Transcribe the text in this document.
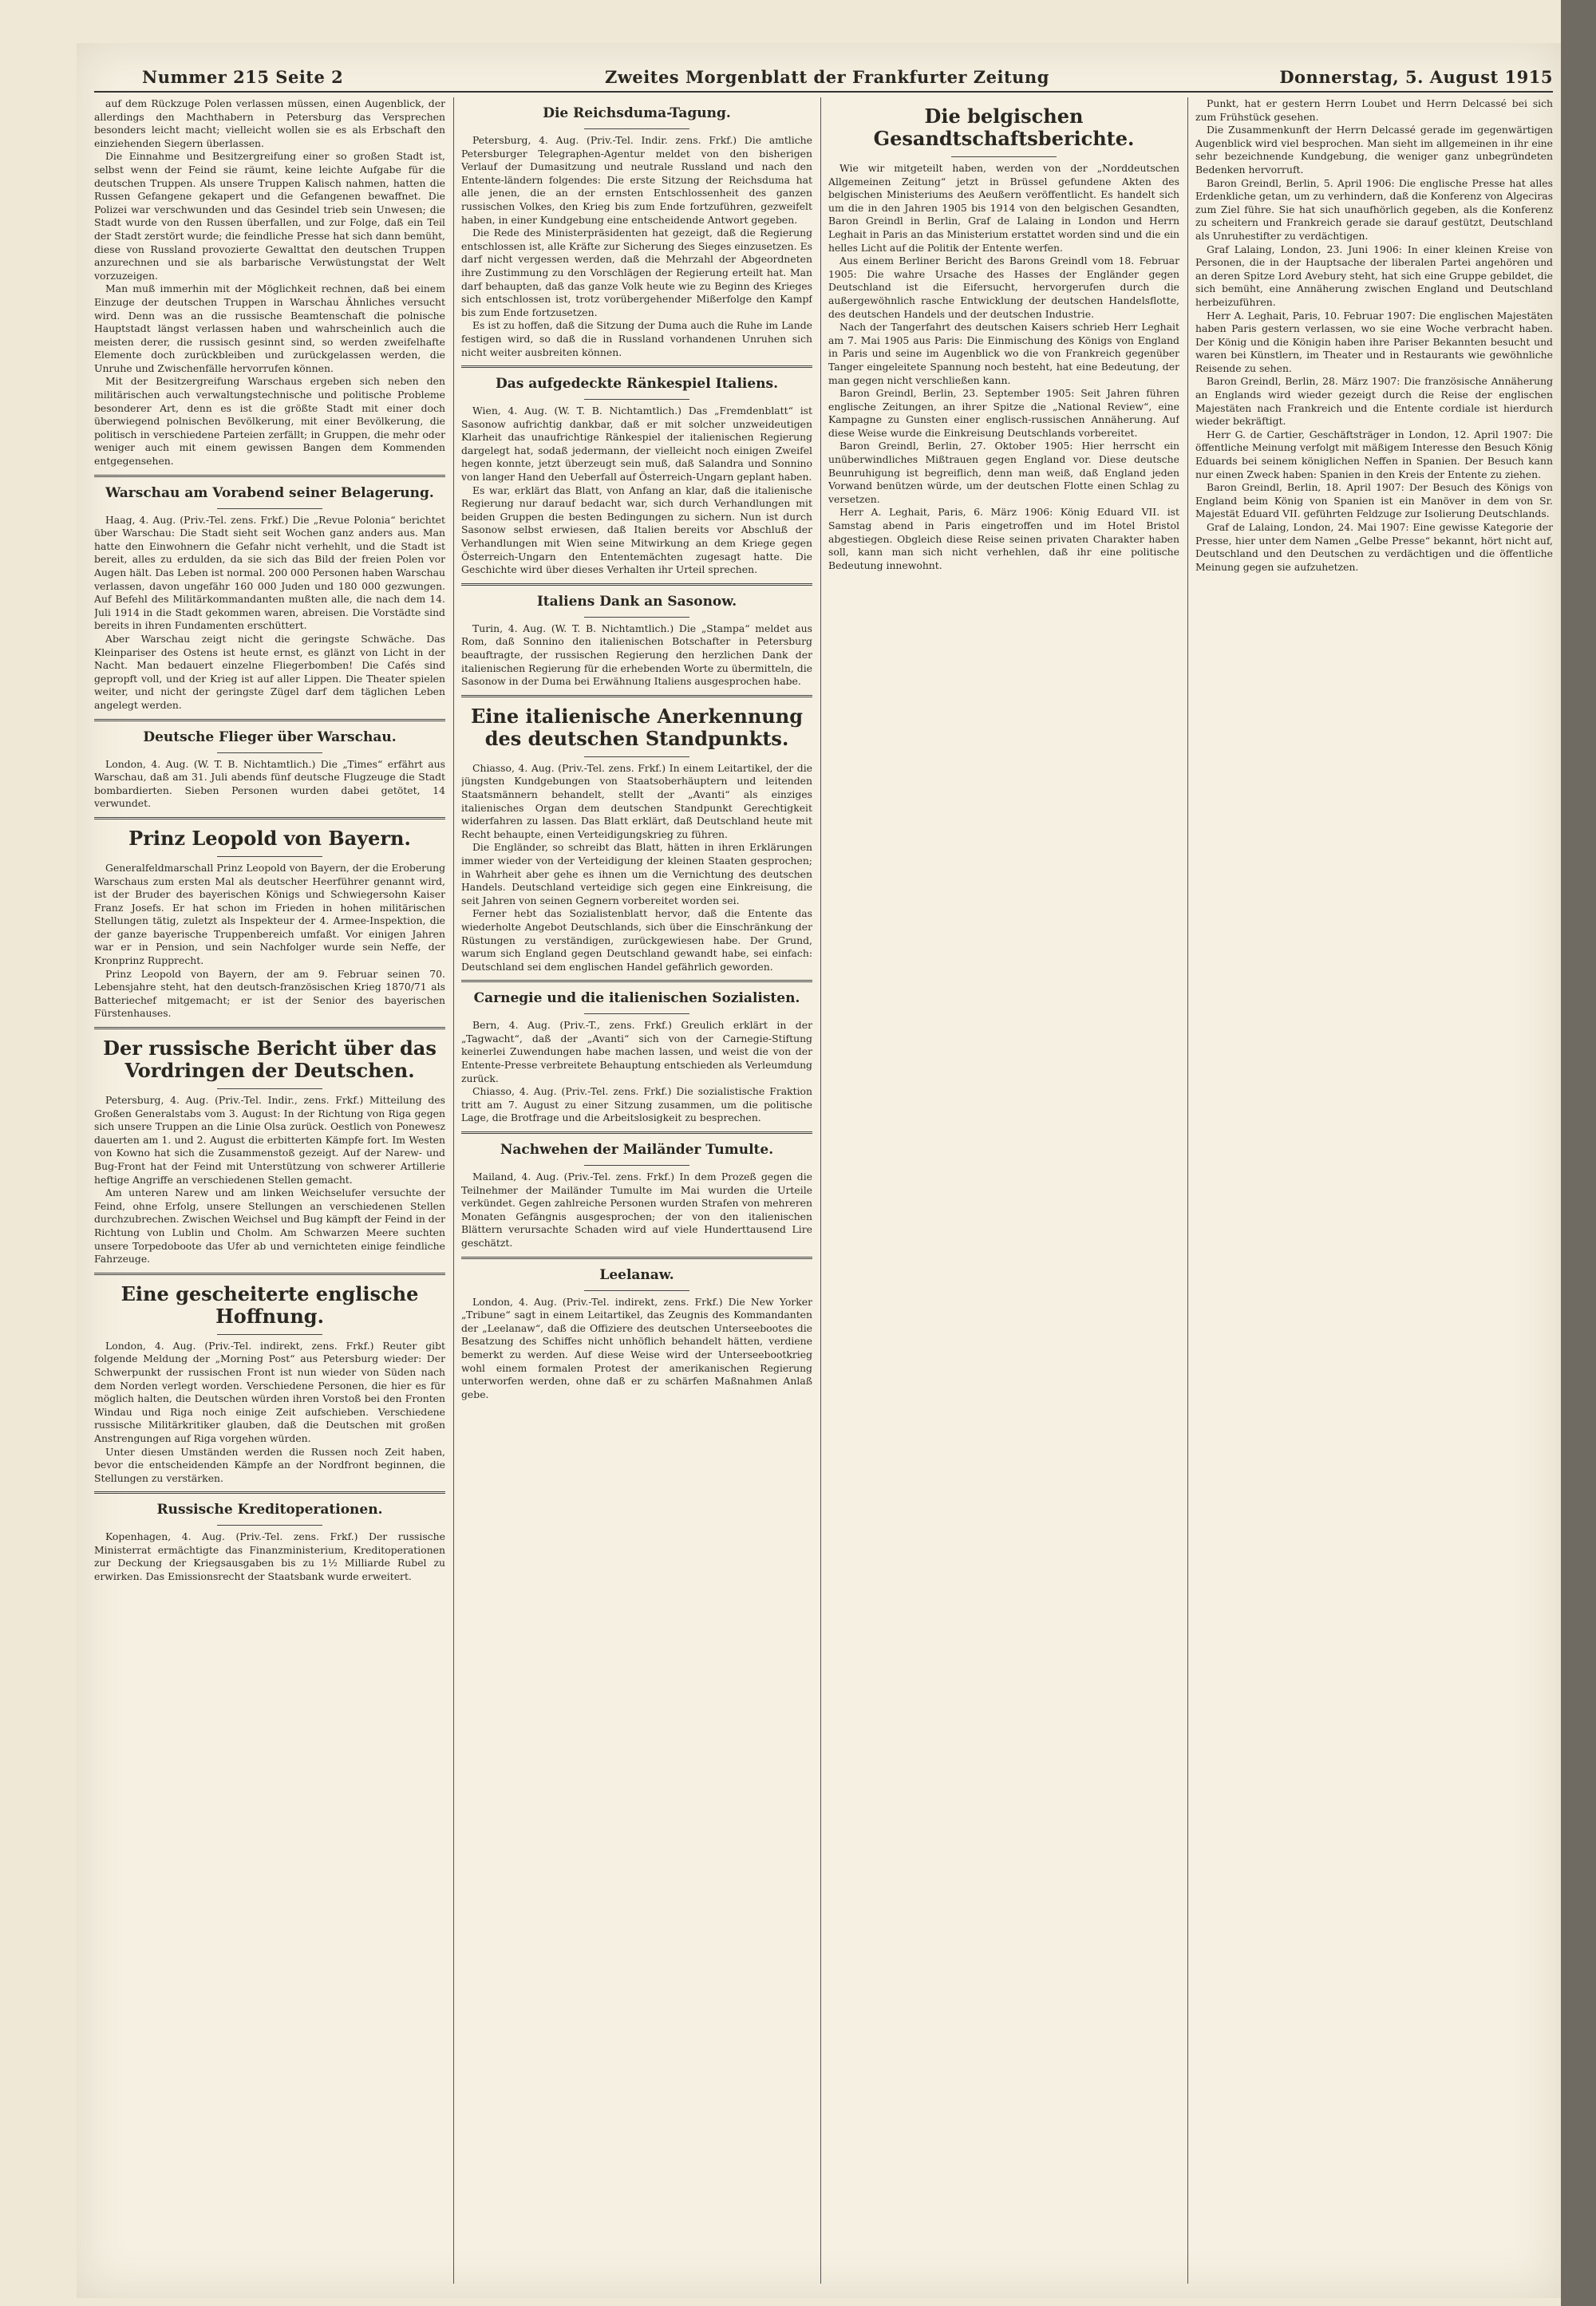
Nummer 215 Seite 2	Zweites Morgenblatt der Frankfurter Zeitung	Donnerstag, 5. August 1915

auf dem Rückzuge Polen verlassen müssen, einen Augenblick, der allerdings den Machthabern in Petersburg das Versprechen besonders leicht macht; vielleicht wollen sie es als Erbschaft den einziehenden Siegern überlassen.

Die Einnahme und Besitzergreifung einer so großen Stadt ist, selbst wenn der Feind sie räumt, keine leichte Aufgabe für die deutschen Truppen. Als unsere Truppen Kalisch nahmen, hatten die Russen Gefangene gekapert und die Gefangenen bewaffnet. Die Polizei war verschwunden und das Gesindel trieb sein Unwesen; die Stadt wurde von den Russen überfallen, und zur Folge, daß ein Teil der Stadt zerstört wurde; die feindliche Presse hat sich dann bemüht, diese von Russland provozierte Gewalttat den deutschen Truppen anzurechnen und sie als barbarische Verwüstungstat der Welt vorzuzeigen.

Man muß immerhin mit der Möglichkeit rechnen, daß bei einem Einzuge der deutschen Truppen in Warschau Ähnliches versucht wird. Denn was an die russische Beamtenschaft die polnische Hauptstadt längst verlassen haben und wahrscheinlich auch die meisten derer, die russisch gesinnt sind, so werden zweifelhafte Elemente doch zurückbleiben und zurückgelassen werden, die Unruhe und Zwischenfälle hervorrufen können.

Mit der Besitzergreifung Warschaus ergeben sich neben den militärischen auch verwaltungstechnische und politische Probleme besonderer Art, denn es ist die größte Stadt mit einer doch überwiegend polnischen Bevölkerung, mit einer Bevölkerung, die politisch in verschiedene Parteien zerfällt; in Gruppen, die mehr oder weniger auch mit einem gewissen Bangen dem Kommenden entgegensehen.

Warschau am Vorabend seiner Belagerung.

Haag, 4. Aug. (Priv.-Tel. zens. Frkf.) Die „Revue Polonia“ berichtet über Warschau: Die Stadt sieht seit Wochen ganz anders aus. Man hatte den Einwohnern die Gefahr nicht verhehlt, und die Stadt ist bereit, alles zu erdulden, da sie sich das Bild der freien Polen vor Augen hält. Das Leben ist normal. 200 000 Personen haben Warschau verlassen, davon ungefähr 160 000 Juden und 180 000 gezwungen. Auf Befehl des Militärkommandanten mußten alle, die nach dem 14. Juli 1914 in die Stadt gekommen waren, abreisen. Die Vorstädte sind bereits in ihren Fundamenten erschüttert.

Aber Warschau zeigt nicht die geringste Schwäche. Das Kleinpariser des Ostens ist heute ernst, es glänzt von Licht in der Nacht. Man bedauert einzelne Fliegerbomben! Die Cafés sind gepropft voll, und der Krieg ist auf aller Lippen. Die Theater spielen weiter, und nicht der geringste Zügel darf dem täglichen Leben angelegt werden.

Deutsche Flieger über Warschau.

London, 4. Aug. (W. T. B. Nichtamtlich.) Die „Times“ erfährt aus Warschau, daß am 31. Juli abends fünf deutsche Flugzeuge die Stadt bombardierten. Sieben Personen wurden dabei getötet, 14 verwundet.

Prinz Leopold von Bayern.

Generalfeldmarschall Prinz Leopold von Bayern, der die Eroberung Warschaus zum ersten Mal als deutscher Heerführer genannt wird, ist der Bruder des bayerischen Königs und Schwiegersohn Kaiser Franz Josefs. Er hat schon im Frieden in hohen militärischen Stellungen tätig, zuletzt als Inspekteur der 4. Armee-Inspektion, die der ganze bayerische Truppenbereich umfaßt. Vor einigen Jahren war er in Pension, und sein Nachfolger wurde sein Neffe, der Kronprinz Rupprecht.

Prinz Leopold von Bayern, der am 9. Februar seinen 70. Lebensjahre steht, hat den deutsch-französischen Krieg 1870/71 als Batteriechef mitgemacht; er ist der Senior des bayerischen Fürstenhauses.

Der russische Bericht über das Vordringen der Deutschen.

Petersburg, 4. Aug. (Priv.-Tel. Indir., zens. Frkf.) Mitteilung des Großen Generalstabs vom 3. August: In der Richtung von Riga gegen sich unsere Truppen an die Linie Olsa zurück. Oestlich von Ponewesz dauerten am 1. und 2. August die erbitterten Kämpfe fort. Im Westen von Kowno hat sich die Zusammenstoß gezeigt. Auf der Narew- und Bug-Front hat der Feind mit Unterstützung von schwerer Artillerie heftige Angriffe an verschiedenen Stellen gemacht.

Am unteren Narew und am linken Weichselufer versuchte der Feind, ohne Erfolg, unsere Stellungen an verschiedenen Stellen durchzubrechen. Zwischen Weichsel und Bug kämpft der Feind in der Richtung von Lublin und Cholm. Am Schwarzen Meere suchten unsere Torpedoboote das Ufer ab und vernichteten einige feindliche Fahrzeuge.

Eine gescheiterte englische Hoffnung.

London, 4. Aug. (Priv.-Tel. indirekt, zens. Frkf.) Reuter gibt folgende Meldung der „Morning Post“ aus Petersburg wieder: Der Schwerpunkt der russischen Front ist nun wieder von Süden nach dem Norden verlegt worden. Verschiedene Personen, die hier es für möglich halten, die Deutschen würden ihren Vorstoß bei den Fronten Windau und Riga noch einige Zeit aufschieben. Verschiedene russische Militärkritiker glauben, daß die Deutschen mit großen Anstrengungen auf Riga vorgehen würden.

Unter diesen Umständen werden die Russen noch Zeit haben, bevor die entscheidenden Kämpfe an der Nordfront beginnen, die Stellungen zu verstärken.

Russische Kreditoperationen.

Kopenhagen, 4. Aug. (Priv.-Tel. zens. Frkf.) Der russische Ministerrat ermächtigte das Finanzministerium, Kreditoperationen zur Deckung der Kriegsausgaben bis zu 1½ Milliarde Rubel zu erwirken. Das Emissionsrecht der Staatsbank wurde erweitert.

Die Reichsduma-Tagung.

Petersburg, 4. Aug. (Priv.-Tel. Indir. zens. Frkf.) Die amtliche Petersburger Telegraphen-Agentur meldet von den bisherigen Verlauf der Dumasitzung und neutrale Russland und nach den Entente-ländern folgendes: Die erste Sitzung der Reichsduma hat alle jenen, die an der ernsten Entschlossenheit des ganzen russischen Volkes, den Krieg bis zum Ende fortzuführen, gezweifelt haben, in einer Kundgebung eine entscheidende Antwort gegeben.

Die Rede des Ministerpräsidenten hat gezeigt, daß die Regierung entschlossen ist, alle Kräfte zur Sicherung des Sieges einzusetzen. Es darf nicht vergessen werden, daß die Mehrzahl der Abgeordneten ihre Zustimmung zu den Vorschlägen der Regierung erteilt hat. Man darf behaupten, daß das ganze Volk heute wie zu Beginn des Krieges sich entschlossen ist, trotz vorübergehender Mißerfolge den Kampf bis zum Ende fortzusetzen.

Es ist zu hoffen, daß die Sitzung der Duma auch die Ruhe im Lande festigen wird, so daß die in Russland vorhandenen Unruhen sich nicht weiter ausbreiten können.

Das aufgedeckte Ränkespiel Italiens.

Wien, 4. Aug. (W. T. B. Nichtamtlich.) Das „Fremdenblatt“ ist Sasonow aufrichtig dankbar, daß er mit solcher unzweideutigen Klarheit das unaufrichtige Ränkespiel der italienischen Regierung dargelegt hat, sodaß jedermann, der vielleicht noch einigen Zweifel hegen konnte, jetzt überzeugt sein muß, daß Salandra und Sonnino von langer Hand den Ueberfall auf Österreich-Ungarn geplant haben.

Es war, erklärt das Blatt, von Anfang an klar, daß die italienische Regierung nur darauf bedacht war, sich durch Verhandlungen mit beiden Gruppen die besten Bedingungen zu sichern. Nun ist durch Sasonow selbst erwiesen, daß Italien bereits vor Abschluß der Verhandlungen mit Wien seine Mitwirkung an dem Kriege gegen Österreich-Ungarn den Ententemächten zugesagt hatte. Die Geschichte wird über dieses Verhalten ihr Urteil sprechen.

Italiens Dank an Sasonow.

Turin, 4. Aug. (W. T. B. Nichtamtlich.) Die „Stampa“ meldet aus Rom, daß Sonnino den italienischen Botschafter in Petersburg beauftragte, der russischen Regierung den herzlichen Dank der italienischen Regierung für die erhebenden Worte zu übermitteln, die Sasonow in der Duma bei Erwähnung Italiens ausgesprochen habe.

Eine italienische Anerkennung des deutschen Standpunkts.

Chiasso, 4. Aug. (Priv.-Tel. zens. Frkf.) In einem Leitartikel, der die jüngsten Kundgebungen von Staatsoberhäuptern und leitenden Staatsmännern behandelt, stellt der „Avanti“ als einziges italienisches Organ dem deutschen Standpunkt Gerechtigkeit widerfahren zu lassen. Das Blatt erklärt, daß Deutschland heute mit Recht behaupte, einen Verteidigungskrieg zu führen.

Die Engländer, so schreibt das Blatt, hätten in ihren Erklärungen immer wieder von der Verteidigung der kleinen Staaten gesprochen; in Wahrheit aber gehe es ihnen um die Vernichtung des deutschen Handels. Deutschland verteidige sich gegen eine Einkreisung, die seit Jahren von seinen Gegnern vorbereitet worden sei.

Ferner hebt das Sozialistenblatt hervor, daß die Entente das wiederholte Angebot Deutschlands, sich über die Einschränkung der Rüstungen zu verständigen, zurückgewiesen habe. Der Grund, warum sich England gegen Deutschland gewandt habe, sei einfach: Deutschland sei dem englischen Handel gefährlich geworden.

Carnegie und die italienischen Sozialisten.

Bern, 4. Aug. (Priv.-T., zens. Frkf.) Greulich erklärt in der „Tagwacht“, daß der „Avanti“ sich von der Carnegie-Stiftung keinerlei Zuwendungen habe machen lassen, und weist die von der Entente-Presse verbreitete Behauptung entschieden als Verleumdung zurück.

Chiasso, 4. Aug. (Priv.-Tel. zens. Frkf.) Die sozialistische Fraktion tritt am 7. August zu einer Sitzung zusammen, um die politische Lage, die Brotfrage und die Arbeitslosigkeit zu besprechen.

Nachwehen der Mailänder Tumulte.

Mailand, 4. Aug. (Priv.-Tel. zens. Frkf.) In dem Prozeß gegen die Teilnehmer der Mailänder Tumulte im Mai wurden die Urteile verkündet. Gegen zahlreiche Personen wurden Strafen von mehreren Monaten Gefängnis ausgesprochen; der von den italienischen Blättern verursachte Schaden wird auf viele Hunderttausend Lire geschätzt.

Leelanaw.

London, 4. Aug. (Priv.-Tel. indirekt, zens. Frkf.) Die New Yorker „Tribune“ sagt in einem Leitartikel, das Zeugnis des Kommandanten der „Leelanaw“, daß die Offiziere des deutschen Unterseebootes die Besatzung des Schiffes nicht unhöflich behandelt hätten, verdiene bemerkt zu werden. Auf diese Weise wird der Unterseebootkrieg wohl einem formalen Protest der amerikanischen Regierung unterworfen werden, ohne daß er zu schärfen Maßnahmen Anlaß gebe.

Die belgischen Gesandtschaftsberichte.

Wie wir mitgeteilt haben, werden von der „Norddeutschen Allgemeinen Zeitung“ jetzt in Brüssel gefundene Akten des belgischen Ministeriums des Aeußern veröffentlicht. Es handelt sich um die in den Jahren 1905 bis 1914 von den belgischen Gesandten, Baron Greindl in Berlin, Graf de Lalaing in London und Herrn Leghait in Paris an das Ministerium erstattet worden sind und die ein helles Licht auf die Politik der Entente werfen.

Aus einem Berliner Bericht des Barons Greindl vom 18. Februar 1905: Die wahre Ursache des Hasses der Engländer gegen Deutschland ist die Eifersucht, hervorgerufen durch die außergewöhnlich rasche Entwicklung der deutschen Handelsflotte, des deutschen Handels und der deutschen Industrie.

Nach der Tangerfahrt des deutschen Kaisers schrieb Herr Leghait am 7. Mai 1905 aus Paris: Die Einmischung des Königs von England in Paris und seine im Augenblick wo die von Frankreich gegenüber Tanger eingeleitete Spannung noch besteht, hat eine Bedeutung, der man gegen nicht verschließen kann.

Baron Greindl, Berlin, 23. September 1905: Seit Jahren führen englische Zeitungen, an ihrer Spitze die „National Review“, eine Kampagne zu Gunsten einer englisch-russischen Annäherung. Auf diese Weise wurde die Einkreisung Deutschlands vorbereitet.

Baron Greindl, Berlin, 27. Oktober 1905: Hier herrscht ein unüberwindliches Mißtrauen gegen England vor. Diese deutsche Beunruhigung ist begreiflich, denn man weiß, daß England jeden Vorwand benützen würde, um der deutschen Flotte einen Schlag zu versetzen.

Herr A. Leghait, Paris, 6. März 1906: König Eduard VII. ist Samstag abend in Paris eingetroffen und im Hotel Bristol abgestiegen. Obgleich diese Reise seinen privaten Charakter haben soll, kann man sich nicht verhehlen, daß ihr eine politische Bedeutung innewohnt.

Punkt, hat er gestern Herrn Loubet und Herrn Delcassé bei sich zum Frühstück gesehen.

Die Zusammenkunft der Herrn Delcassé gerade im gegenwärtigen Augenblick wird viel besprochen. Man sieht im allgemeinen in ihr eine sehr bezeichnende Kundgebung, die weniger ganz unbegründeten Bedenken hervorruft.

Baron Greindl, Berlin, 5. April 1906: Die englische Presse hat alles Erdenkliche getan, um zu verhindern, daß die Konferenz von Algeciras zum Ziel führe. Sie hat sich unaufhörlich gegeben, als die Konferenz zu scheitern und Frankreich gerade sie darauf gestützt, Deutschland als Unruhestifter zu verdächtigen.

Graf Lalaing, London, 23. Juni 1906: In einer kleinen Kreise von Personen, die in der Hauptsache der liberalen Partei angehören und an deren Spitze Lord Avebury steht, hat sich eine Gruppe gebildet, die sich bemüht, eine Annäherung zwischen England und Deutschland herbeizuführen.

Herr A. Leghait, Paris, 10. Februar 1907: Die englischen Majestäten haben Paris gestern verlassen, wo sie eine Woche verbracht haben. Der König und die Königin haben ihre Pariser Bekannten besucht und waren bei Künstlern, im Theater und in Restaurants wie gewöhnliche Reisende zu sehen.

Baron Greindl, Berlin, 28. März 1907: Die französische Annäherung an Englands wird wieder gezeigt durch die Reise der englischen Majestäten nach Frankreich und die Entente cordiale ist hierdurch wieder bekräftigt.

Herr G. de Cartier, Geschäftsträger in London, 12. April 1907: Die öffentliche Meinung verfolgt mit mäßigem Interesse den Besuch König Eduards bei seinem königlichen Neffen in Spanien. Der Besuch kann nur einen Zweck haben: Spanien in den Kreis der Entente zu ziehen.

Baron Greindl, Berlin, 18. April 1907: Der Besuch des Königs von England beim König von Spanien ist ein Manöver in dem von Sr. Majestät Eduard VII. geführten Feldzuge zur Isolierung Deutschlands.

Graf de Lalaing, London, 24. Mai 1907: Eine gewisse Kategorie der Presse, hier unter dem Namen „Gelbe Presse“ bekannt, hört nicht auf, Deutschland und den Deutschen zu verdächtigen und die öffentliche Meinung gegen sie aufzuhetzen.
